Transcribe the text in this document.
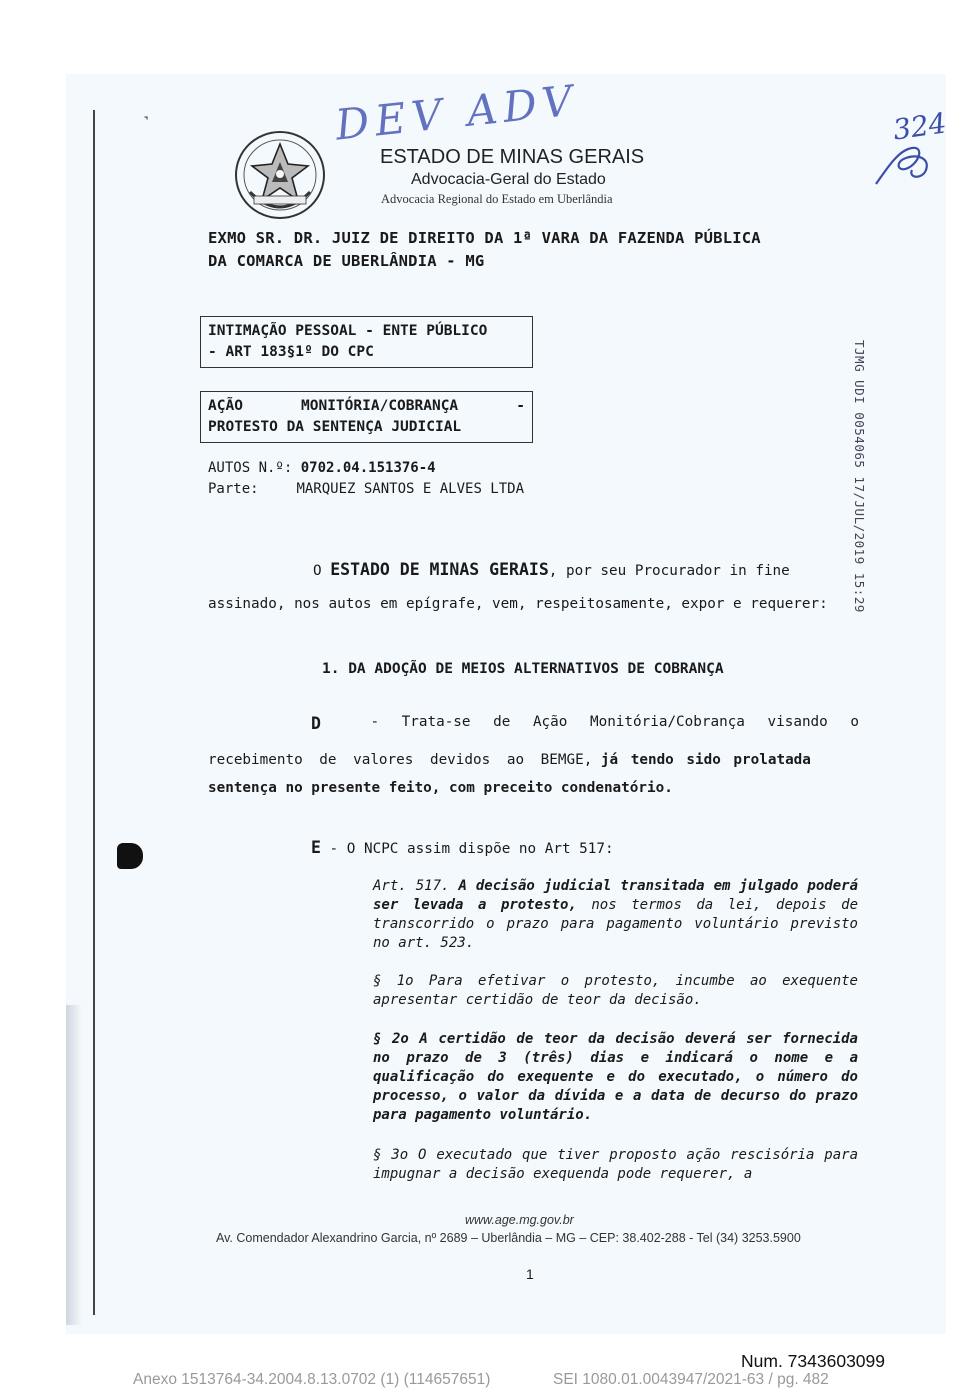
˺	DEV ADV	324
ESTADO DE MINAS GERAIS
Advocacia-Geral do Estado
Advocacia Regional do Estado em Uberlândia
EXMO SR. DR. JUIZ DE DIREITO DA 1ª VARA DA FAZENDA PÚBLICA
DA COMARCA DE UBERLÂNDIA - MG
INTIMAÇÃO PESSOAL - ENTE PÚBLICO
- ART 183§1º DO CPC
AÇÃO	MONITÓRIA/COBRANÇA	-
PROTESTO DA SENTENÇA JUDICIAL
AUTOS N.º: 0702.04.151376-4
Parte:	MARQUEZ SANTOS E ALVES LTDA	TJMG UDI 0054065 17/JUL/2019 15:29
O ESTADO DE MINAS GERAIS, por seu Procurador in fine
assinado, nos autos em epígrafe, vem, respeitosamente, expor e requerer:
1. DA ADOÇÃO DE MEIOS ALTERNATIVOS DE COBRANÇA
D	- Trata-se de Ação Monitória/Cobrança visando o
recebimento de valores devidos ao BEMGE, já tendo sido prolatada
sentença no presente feito, com preceito condenatório.
E - O NCPC assim dispõe no Art 517:
Art. 517. A decisão judicial transitada em julgado poderá ser levada a protesto, nos termos da lei, depois de transcorrido o prazo para pagamento voluntário previsto no art. 523.
§ 1o Para efetivar o protesto, incumbe ao exequente apresentar certidão de teor da decisão.
§ 2o A certidão de teor da decisão deverá ser fornecida no prazo de 3 (três) dias e indicará o nome e a qualificação do exequente e do executado, o número do processo, o valor da dívida e a data de decurso do prazo para pagamento voluntário.
§ 3o O executado que tiver proposto ação rescisória para impugnar a decisão exequenda pode requerer, a
www.age.mg.gov.br
Av. Comendador Alexandrino Garcia, nº 2689 – Uberlândia – MG – CEP: 38.402-288 - Tel (34) 3253.5900
1
Num. 7343603099
Anexo 1513764-34.2004.8.13.0702 (1) (114657651)	SEI 1080.01.0043947/2021-63 / pg. 482
